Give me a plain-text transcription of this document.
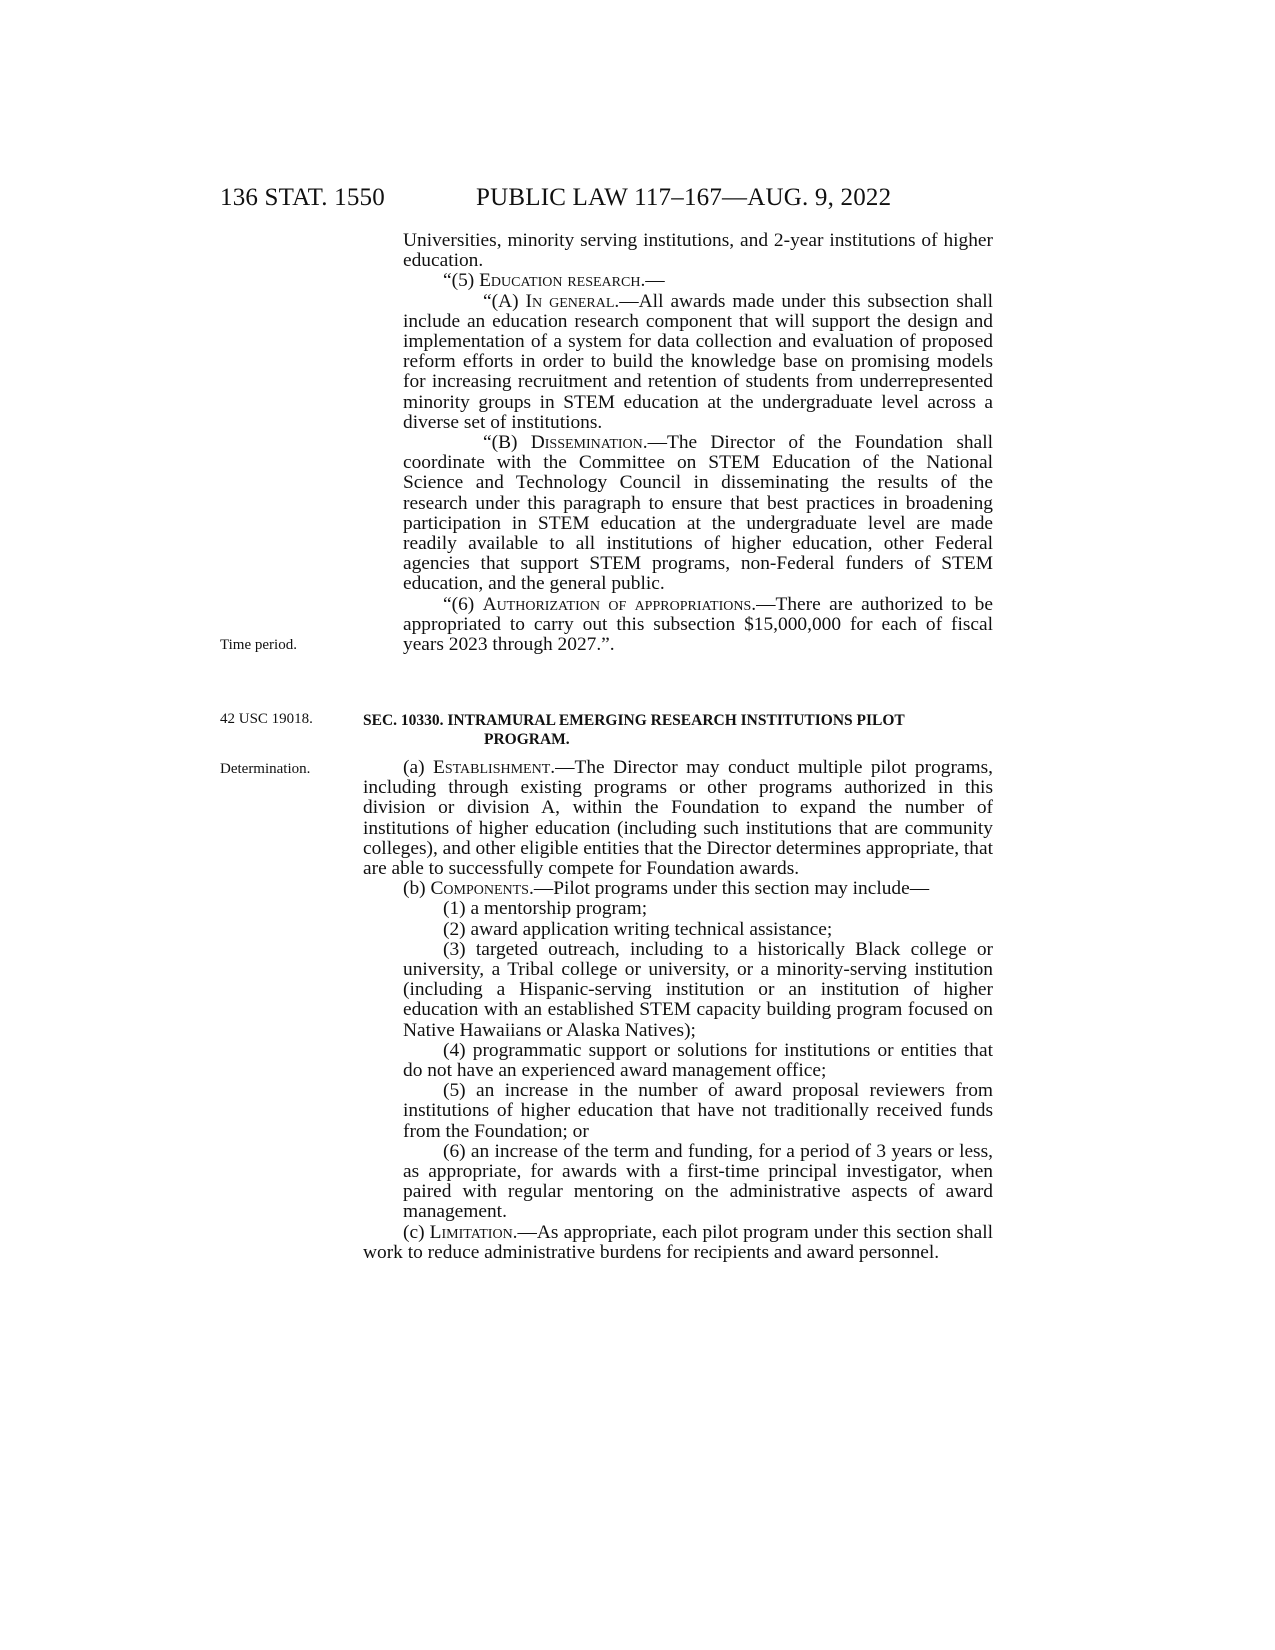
136 STAT. 1550	PUBLIC LAW 117–167—AUG. 9, 2022
Time period.
42 USC 19018.
Determination.

Universities, minority serving institutions, and 2-year institutions of higher education.

“(5) Education research.—

“(A) In general.—All awards made under this subsection shall include an education research component that will support the design and implementation of a system for data collection and evaluation of proposed reform efforts in order to build the knowledge base on promising models for increasing recruitment and retention of students from underrepresented minority groups in STEM education at the undergraduate level across a diverse set of institutions.

“(B) Dissemination.—The Director of the Foundation shall coordinate with the Committee on STEM Education of the National Science and Technology Council in disseminating the results of the research under this paragraph to ensure that best practices in broadening participation in STEM education at the undergraduate level are made readily available to all institutions of higher education, other Federal agencies that support STEM programs, non-Federal funders of STEM education, and the general public.

“(6) Authorization of appropriations.—There are authorized to be appropriated to carry out this subsection $15,000,000 for each of fiscal years 2023 through 2027.”.

SEC. 10330. INTRAMURAL EMERGING RESEARCH INSTITUTIONS PILOT
PROGRAM.

(a) Establishment.—The Director may conduct multiple pilot programs, including through existing programs or other programs authorized in this division or division A, within the Foundation to expand the number of institutions of higher education (including such institutions that are community colleges), and other eligible entities that the Director determines appropriate, that are able to successfully compete for Foundation awards.

(b) Components.—Pilot programs under this section may include—

(1) a mentorship program;

(2) award application writing technical assistance;

(3) targeted outreach, including to a historically Black college or university, a Tribal college or university, or a minority-serving institution (including a Hispanic-serving institution or an institution of higher education with an established STEM capacity building program focused on Native Hawaiians or Alaska Natives);

(4) programmatic support or solutions for institutions or entities that do not have an experienced award management office;

(5) an increase in the number of award proposal reviewers from institutions of higher education that have not traditionally received funds from the Foundation; or

(6) an increase of the term and funding, for a period of 3 years or less, as appropriate, for awards with a first-time principal investigator, when paired with regular mentoring on the administrative aspects of award management.

(c) Limitation.—As appropriate, each pilot program under this section shall work to reduce administrative burdens for recipients and award personnel.
